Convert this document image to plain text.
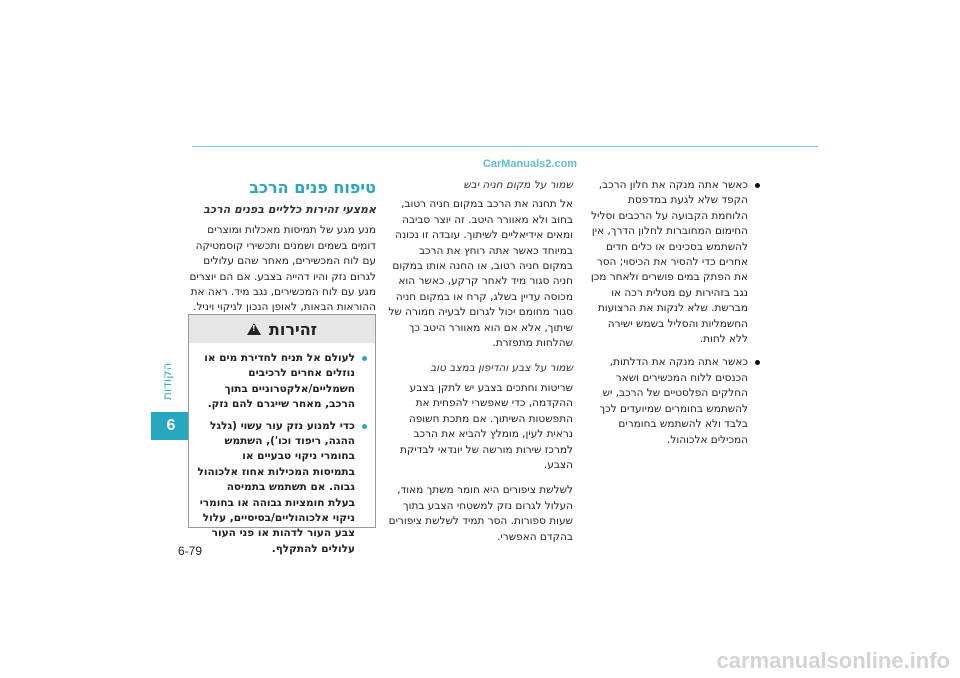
CarManuals2.com
הקודות
6
כאשר אתה מנקה את חלון הרכב, הקפד שלא לגעת במדפסת הלוחמת הקבועה על הרכבים וסליל החימום המחוברות לחלון הדרך, אין להשתמש בסכינים או כלים חדים אחרים כדי להסיר את הכיסוי; הסר את הפתק במים פושרים ולאחר מכן נגב בזהירות עם מטלית רכה או מברשת. שלא לנקות את הרצועות החשמליות והסליל בשמש ישירה ללא לחות.
כאשר אתה מנקה את הדלתות, הכנסים ללוח המכשירים ושאר החלקים הפלסטיים של הרכב, יש להשתמש בחומרים שמיועדים לכך בלבד ולא להשתמש בחומרים המכילים אלכוהול.
שמור על מקום חניה יבש
אל תחנה את הרכב במקום חניה רטוב, בחוב ולא מאוורר היטב. זה יוצר סביבה ומאים אידיאליים לשיתוך. עובדה זו נכונה במיוחד כאשר אתה רוחץ את הרכב במקום חניה רטוב, או החנה אותו במקום חניה סגור מיד לאחר קרקע, כאשר הוא מכוסה עדיין בשלג, קרח או במקום חניה סגור מחומם יכול לגרום לבעיה חמורה של שיתוך, אלא אם הוא מאוורר היטב כך שהלחות מתפזרת.
שמור על צבע והדיפון במצב טוב
שריטות וחתכים בצבע יש לתקן בצבע ההקדמה, כדי שאפשרי להפחית את התפשטות השיתוך. אם מתכת חשופה נראית לעין, מומלץ להביא את הרכב למרכז שירות מורשה של יונדאי לבדיקת הצבע.
לשלשת ציפורים היא חומר משתך מאוד, העלול לגרום נזק למשטחי הצבע בתוך שעות ספורות. הסר תמיד לשלשת ציפורים בהקדם האפשרי.
טיפוח פנים הרכב
אמצעי זהירות כלליים בפנים הרכב
מנע מגע של תמיסות מאכלות ומוצרים דומים בשמים ושמנים ותכשירי קוסמטיקה עם לוח המכשירים, מאחר שהם עלולים לגרום נזק והיו דהייה בצבע. אם הם יוצרים מגע עם לוח המכשירים, נגב מיד. ראה את ההוראות הבאות, לאופן הנכון לניקוי ויניל.
זהירות
!
לעולם אל תניח לחדירת מים או נוזלים אחרים לרכיבים חשמליים/אלקטרוניים בתוך הרכב, מאחר שייגרם להם נזק.
כדי למנוע נזק עור עשוי (גלגל ההגה, ריפוד וכו'), השתמש בחומרי ניקוי טבעיים או בתמיסות המכילות אחוז אלכוהול גבוה. אם תשתמש בתמיסה בעלת חומציות גבוהה או בחומרי ניקוי אלכוהוליים/בסיסיים, עלול צבע העור לדהות או פני העור עלולים להתקלף.
6-79
carmanualsonline.info
